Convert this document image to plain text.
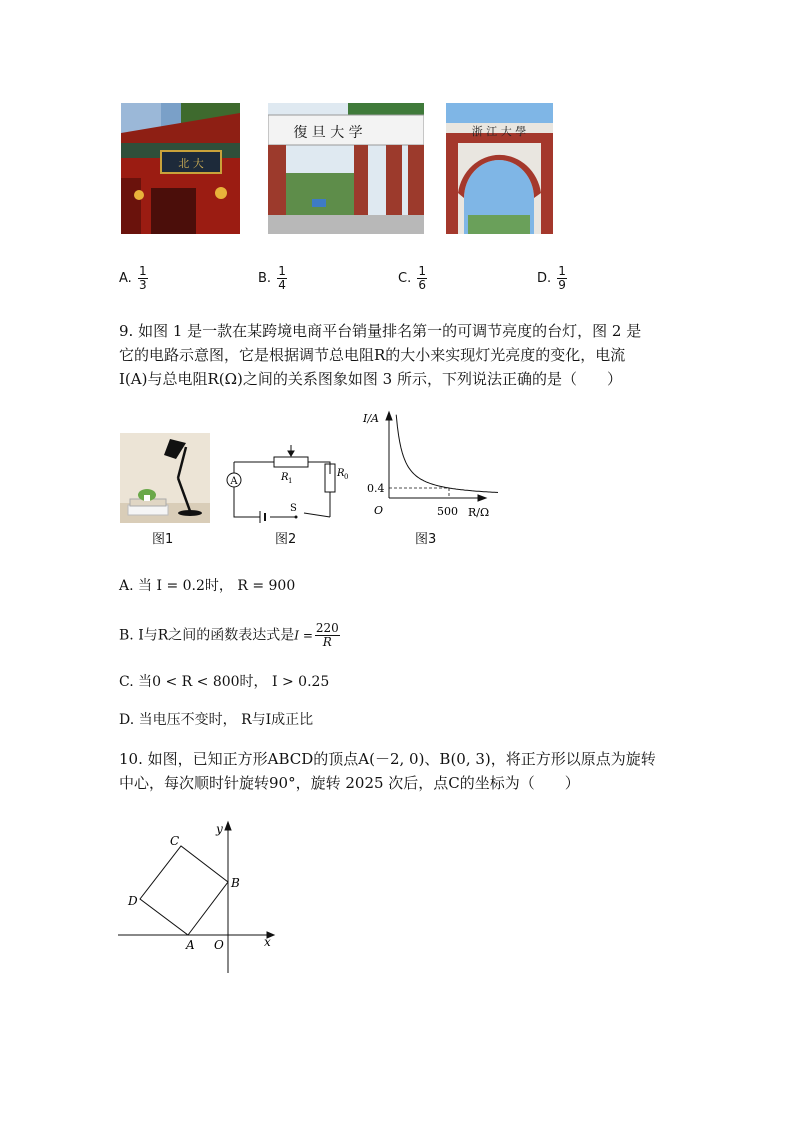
北 大
復 旦 大 学	浙 江 大 學
A. $\frac{1}{3}$	B. $\frac{1}{4}$	C. $\frac{1}{6}$	D. $\frac{1}{9}$
9. 如图 1 是一款在某跨境电商平台销量排名第一的可调节亮度的台灯，图 2 是
它的电路示意图，它是根据调节总电阻R的大小来实现灯光亮度的变化，电流
I(A)与总电阻R(Ω)之间的关系图象如图 3 所示，下列说法正确的是（　　）
A	R 1
R 0
S
I/A
R/Ω
O
0.4
500
图1	图2	图3
A. 当 I = 0.2时， R = 900
B. I与R之间的函数表达式是$I = \frac{220}{R}$
C. 当0 < R < 800时， I > 0.25
D. 当电压不变时， R与I成正比
10. 如图，已知正方形ABCD的顶点A(－2, 0)、B(0, 3)，将正方形以原点为旋转
中心，每次顺时针旋转90°，旋转 2025 次后，点C的坐标为（　　）
C
D
B
A O	x
y
